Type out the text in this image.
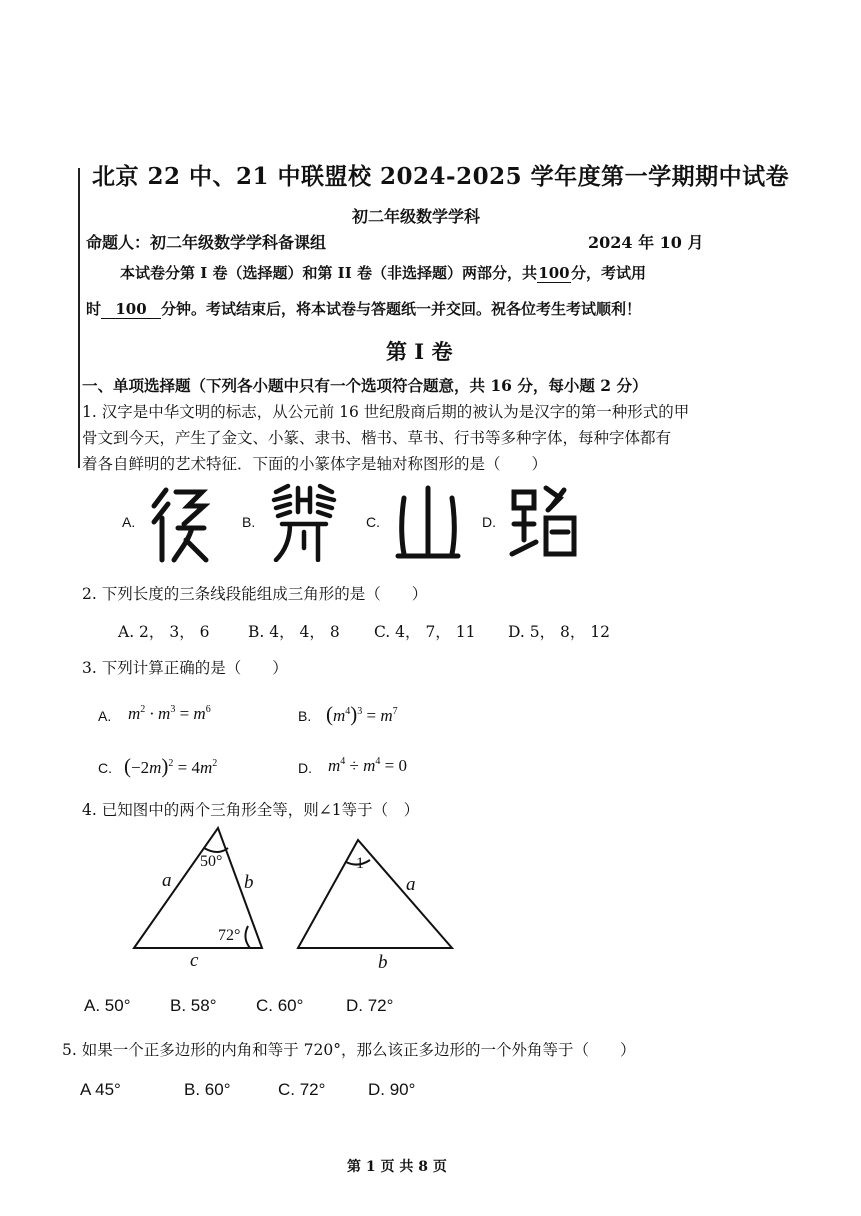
北京 22 中、21 中联盟校 2024-2025 学年度第一学期期中试卷
初二年级数学学科
命题人：初二年级数学学科备课组	2024 年 10 月
本试卷分第 I 卷（选择题）和第 II 卷（非选择题）两部分，共100分，考试用
时 100 分钟。考试结束后，将本试卷与答题纸一并交回。祝各位考生考试顺利！
第 I 卷
一、单项选择题（下列各小题中只有一个选项符合题意，共 16 分，每小题 2 分）
1. 汉字是中华文明的标志，从公元前 16 世纪殷商后期的被认为是汉字的第一种形式的甲
骨文到今天，产生了金文、小篆、隶书、楷书、草书、行书等多种字体，每种字体都有
着各自鲜明的艺术特征．下面的小篆体字是轴对称图形的是（　　）
A.	B.	C.	D.
2. 下列长度的三条线段能组成三角形的是（　　）
A. 2， 3， 6 B. 4， 4， 8 C. 4， 7， 11 D. 5， 8， 12
3. 下列计算正确的是（　　）
A. $m^2 \cdot m^3 = m^6$	B. $(m^4)^3 = m^7$
C. $(-2m)^2 = 4m^2$	D. $m^4 \div m^4 = 0$
4. 已知图中的两个三角形全等，则∠1等于（　）
a	b
c
a
b
50°
72°
1
A. 50° B. 58° C. 60°	D. 72°
5. 如果一个正多边形的内角和等于 720°，那么该正多边形的一个外角等于（　　）
A 45°	B. 60°	C. 72°	D. 90°
第 1 页 共 8 页
